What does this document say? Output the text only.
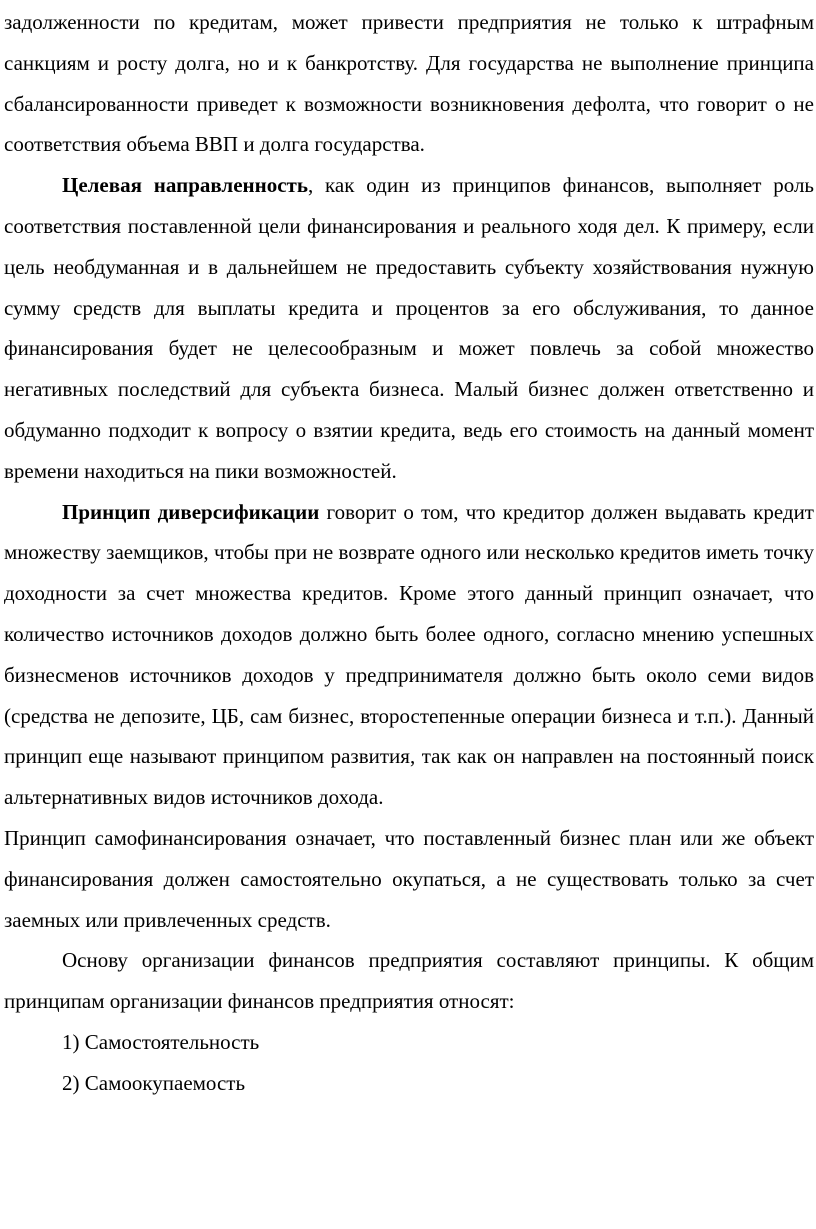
задолженности по кредитам, может привести предприятия не только к штрафным санкциям и росту долга, но и к банкротству. Для государства не выполнение принципа сбалансированности приведет к возможности возникновения дефолта, что говорит о не соответствия объема ВВП и долга государства.

Целевая направленность, как один из принципов финансов, выполняет роль соответствия поставленной цели финансирования и реального ходя дел. К примеру, если цель необдуманная и в дальнейшем не предоставить субъекту хозяйствования нужную сумму средств для выплаты кредита и процентов за его обслуживания, то данное финансирования будет не целесообразным и может повлечь за собой множество негативных последствий для субъекта бизнеса. Малый бизнес должен ответственно и обдуманно подходит к вопросу о взятии кредита, ведь его стоимость на данный момент времени находиться на пики возможностей.

Принцип диверсификации говорит о том, что кредитор должен выдавать кредит множеству заемщиков, чтобы при не возврате одного или несколько кредитов иметь точку доходности за счет множества кредитов. Кроме этого данный принцип означает, что количество источников доходов должно быть более одного, согласно мнению успешных бизнесменов источников доходов у предпринимателя должно быть около семи видов (средства не депозите, ЦБ, сам бизнес, второстепенные операции бизнеса и т.п.). Данный принцип еще называют принципом развития, так как он направлен на постоянный поиск альтернативных видов источников дохода.

Принцип самофинансирования означает, что поставленный бизнес план или же объект финансирования должен самостоятельно окупаться, а не существовать только за счет заемных или привлеченных средств.

Основу организации финансов предприятия составляют принципы. К общим принципам организации финансов предприятия относят:

1) Самостоятельность

2) Самоокупаемость
